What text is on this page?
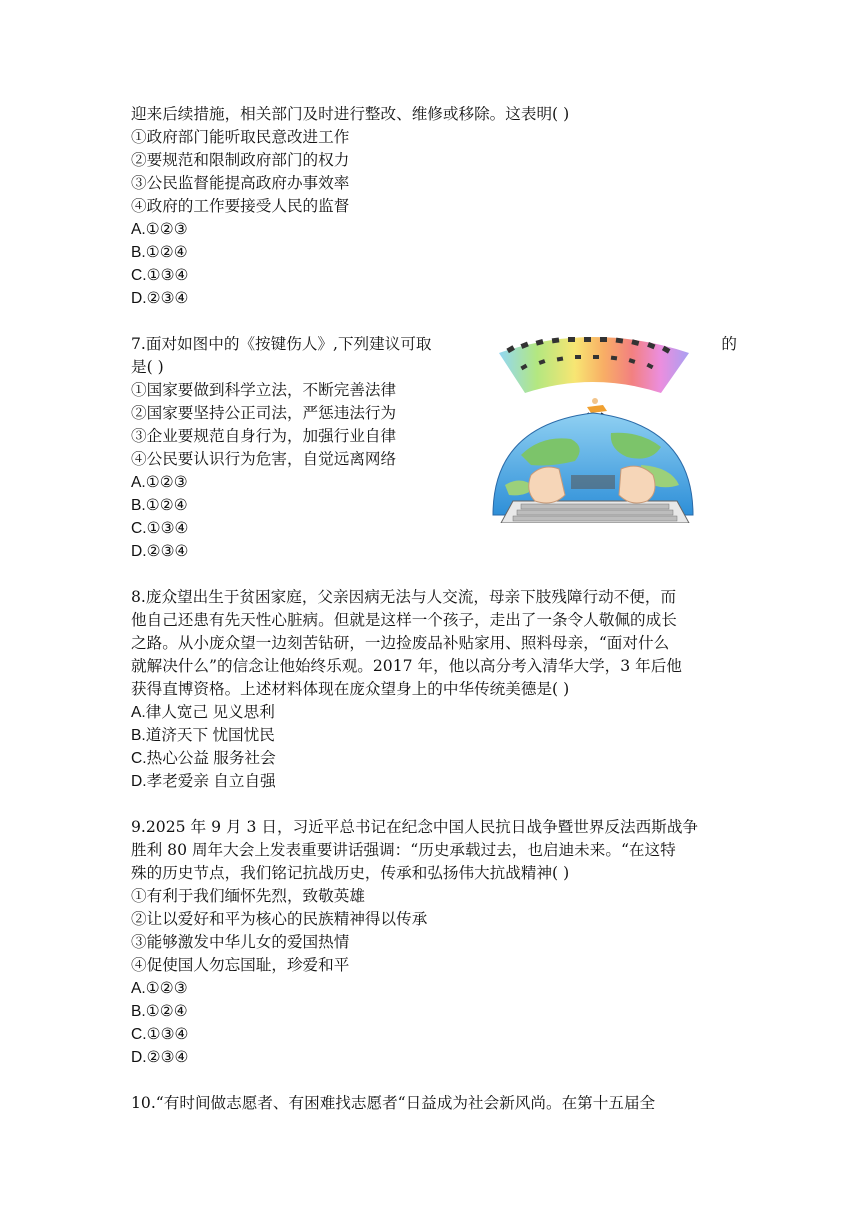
迎来后续措施，相关部门及时进行整改、维修或移除。这表明( )
①政府部门能听取民意改进工作
②要规范和限制政府部门的权力
③公民监督能提高政府办事效率
④政府的工作要接受人民的监督
A.①②③
B.①②④
C.①③④
D.②③④
7.面对如图中的《按键伤人》,下列建议可取
是( )
①国家要做到科学立法，不断完善法律
②国家要坚持公正司法，严惩违法行为
③企业要规范自身行为，加强行业自律
④公民要认识行为危害，自觉远离网络
A.①②③
B.①②④
C.①③④
D.②③④
的
8.庞众望出生于贫困家庭，父亲因病无法与人交流，母亲下肢残障行动不便，而
他自己还患有先天性心脏病。但就是这样一个孩子，走出了一条令人敬佩的成长
之路。从小庞众望一边刻苦钻研，一边捡废品补贴家用、照料母亲，“面对什么
就解决什么”的信念让他始终乐观。2017 年，他以高分考入清华大学，3 年后他
获得直博资格。上述材料体现在庞众望身上的中华传统美德是( )
A.律人宽己 见义思利
B.道济天下 忧国忧民
C.热心公益 服务社会
D.孝老爱亲 自立自强
9.2025 年 9 月 3 日，习近平总书记在纪念中国人民抗日战争暨世界反法西斯战争
胜利 80 周年大会上发表重要讲话强调：“历史承载过去，也启迪未来。“在这特
殊的历史节点，我们铭记抗战历史，传承和弘扬伟大抗战精神( )
①有利于我们缅怀先烈，致敬英雄
②让以爱好和平为核心的民族精神得以传承
③能够激发中华儿女的爱国热情
④促使国人勿忘国耻，珍爱和平
A.①②③
B.①②④
C.①③④
D.②③④
10.“有时间做志愿者、有困难找志愿者“日益成为社会新风尚。在第十五届全
